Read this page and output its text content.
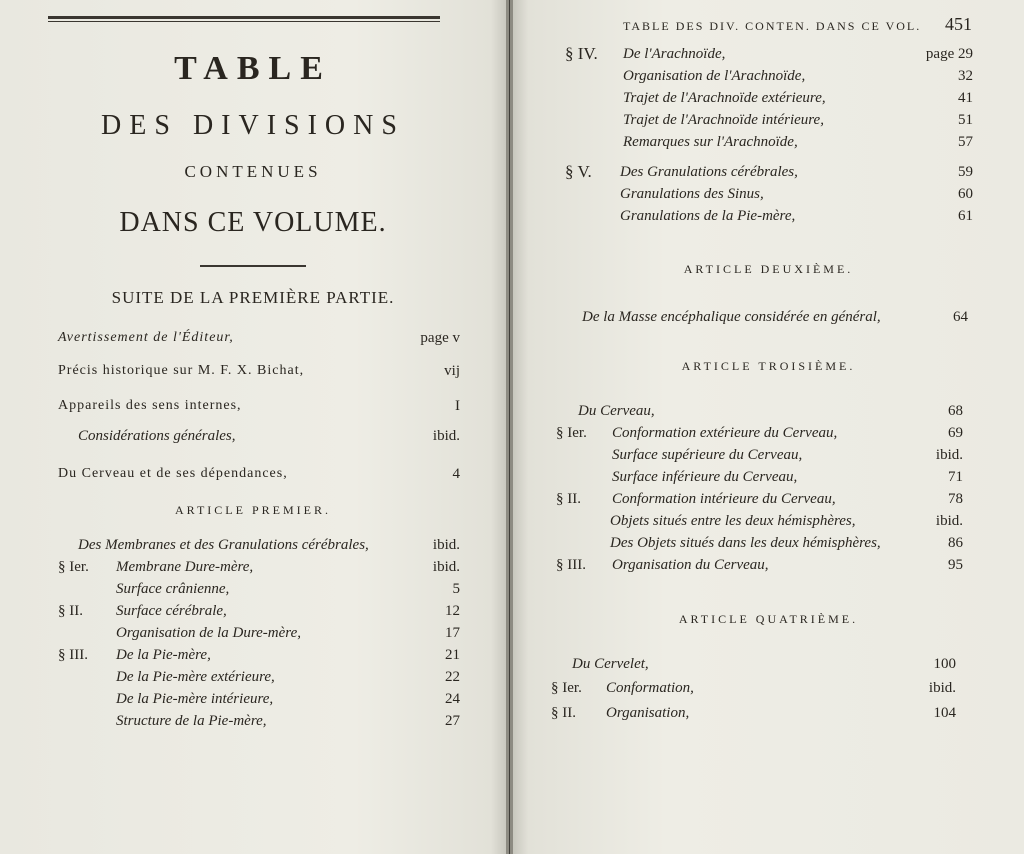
TABLE
DES DIVISIONS
CONTENUES
DANS CE VOLUME.
SUITE DE LA PREMIÈRE PARTIE.
Avertissement de l'Éditeur,	page v
Précis historique sur M. F. X. Bichat,	vij
Appareils des sens internes,	I
Considérations générales,	ibid.
Du Cerveau et de ses dépendances,	4
ARTICLE PREMIER.
Des Membranes et des Granulations cérébrales,	ibid.
§ Ier. Membrane Dure-mère,	ibid.
Surface crânienne,	5
§ II. Surface cérébrale,	12
Organisation de la Dure-mère,	17
§ III. De la Pie-mère,	21
De la Pie-mère extérieure,	22
De la Pie-mère intérieure,	24
Structure de la Pie-mère,	27
TABLE DES DIV. CONTEN. DANS CE VOL. 451
§ IV. De l'Arachnoïde,	page 29
Organisation de l'Arachnoïde,	32
Trajet de l'Arachnoïde extérieure,	41
Trajet de l'Arachnoïde intérieure,	51
Remarques sur l'Arachnoïde,	57
§ V. Des Granulations cérébrales,	59
Granulations des Sinus,	60
Granulations de la Pie-mère,	61
ARTICLE DEUXIÈME.
De la Masse encéphalique considérée en général,	64
ARTICLE TROISIÈME.
Du Cerveau,	68
§ Ier. Conformation extérieure du Cerveau,	69
Surface supérieure du Cerveau,	ibid.
Surface inférieure du Cerveau,	71
§ II. Conformation intérieure du Cerveau,	78
Objets situés entre les deux hémisphères,	ibid.
Des Objets situés dans les deux hémisphères,	86
§ III. Organisation du Cerveau,	95
ARTICLE QUATRIÈME.
Du Cervelet,	100
§ Ier. Conformation,	ibid.
§ II. Organisation,	104
